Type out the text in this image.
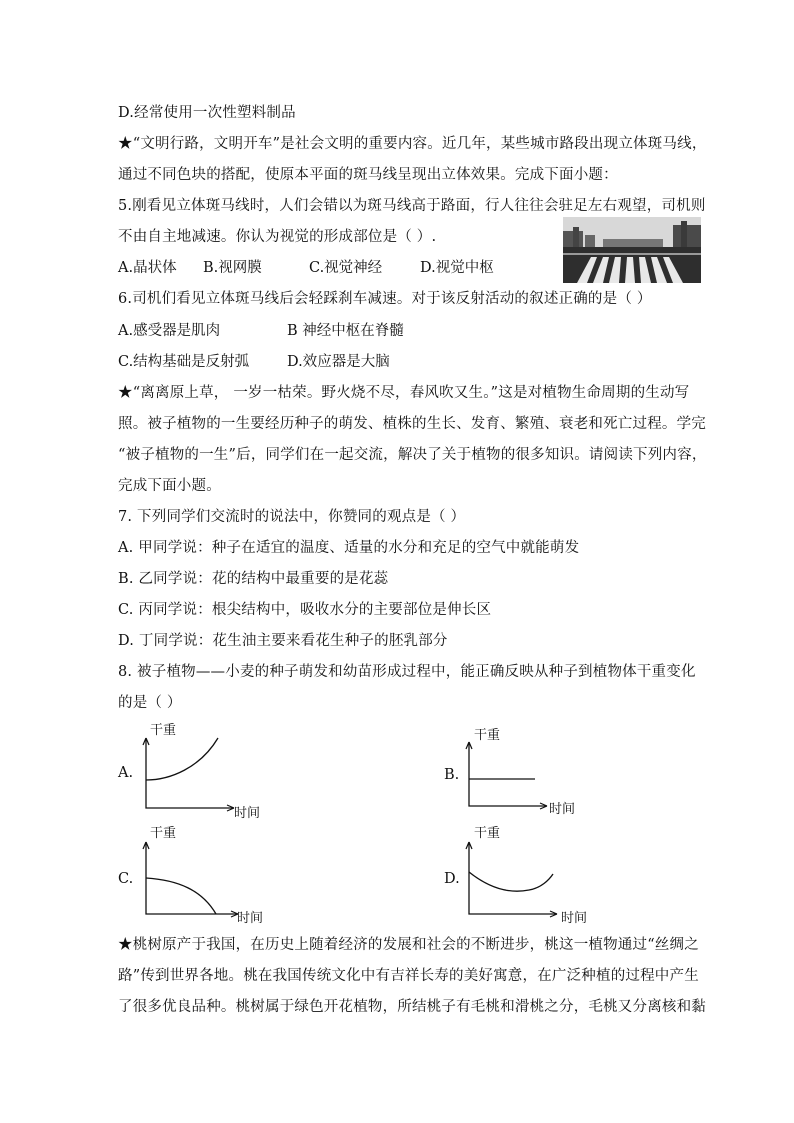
D.经常使用一次性塑料制品
★“文明行路，文明开车”是社会文明的重要内容。近几年，某些城市路段出现立体斑马线，
通过不同色块的搭配，使原本平面的斑马线呈现出立体效果。完成下面小题：
5.刚看见立体斑马线时，人们会错以为斑马线高于路面，行人往往会驻足左右观望，司机则
不由自主地减速。你认为视觉的形成部位是（ ）.
A.晶状体 B.视网膜	C.视觉神经	D.视觉中枢
6.司机们看见立体斑马线后会轻踩刹车减速。对于该反射活动的叙述正确的是（ ）
A.感受器是肌肉	B 神经中枢在脊髓
C.结构基础是反射弧	D.效应器是大脑
★“离离原上草， 一岁一枯荣。野火烧不尽，春风吹又生。”这是对植物生命周期的生动写
照。被子植物的一生要经历种子的萌发、植株的生长、发育、繁殖、衰老和死亡过程。学完
“被子植物的一生”后，同学们在一起交流，解决了关于植物的很多知识。请阅读下列内容，
完成下面小题。
7. 下列同学们交流时的说法中，你赞同的观点是（ ）
A. 甲同学说：种子在适宜的温度、适量的水分和充足的空气中就能萌发
B. 乙同学说：花的结构中最重要的是花蕊
C. 丙同学说：根尖结构中，吸收水分的主要部位是伸长区
D. 丁同学说：花生油主要来看花生种子的胚乳部分
8. 被子植物——小麦的种子萌发和幼苗形成过程中，能正确反映从种子到植物体干重变化
的是（ ）
A.
干重
时间
B.
干重
时间
C.
干重
时间
D.
干重
时间
★桃树原产于我国，在历史上随着经济的发展和社会的不断进步，桃这一植物通过“丝绸之
路”传到世界各地。桃在我国传统文化中有吉祥长寿的美好寓意，在广泛种植的过程中产生
了很多优良品种。桃树属于绿色开花植物，所结桃子有毛桃和滑桃之分，毛桃又分离核和黏
